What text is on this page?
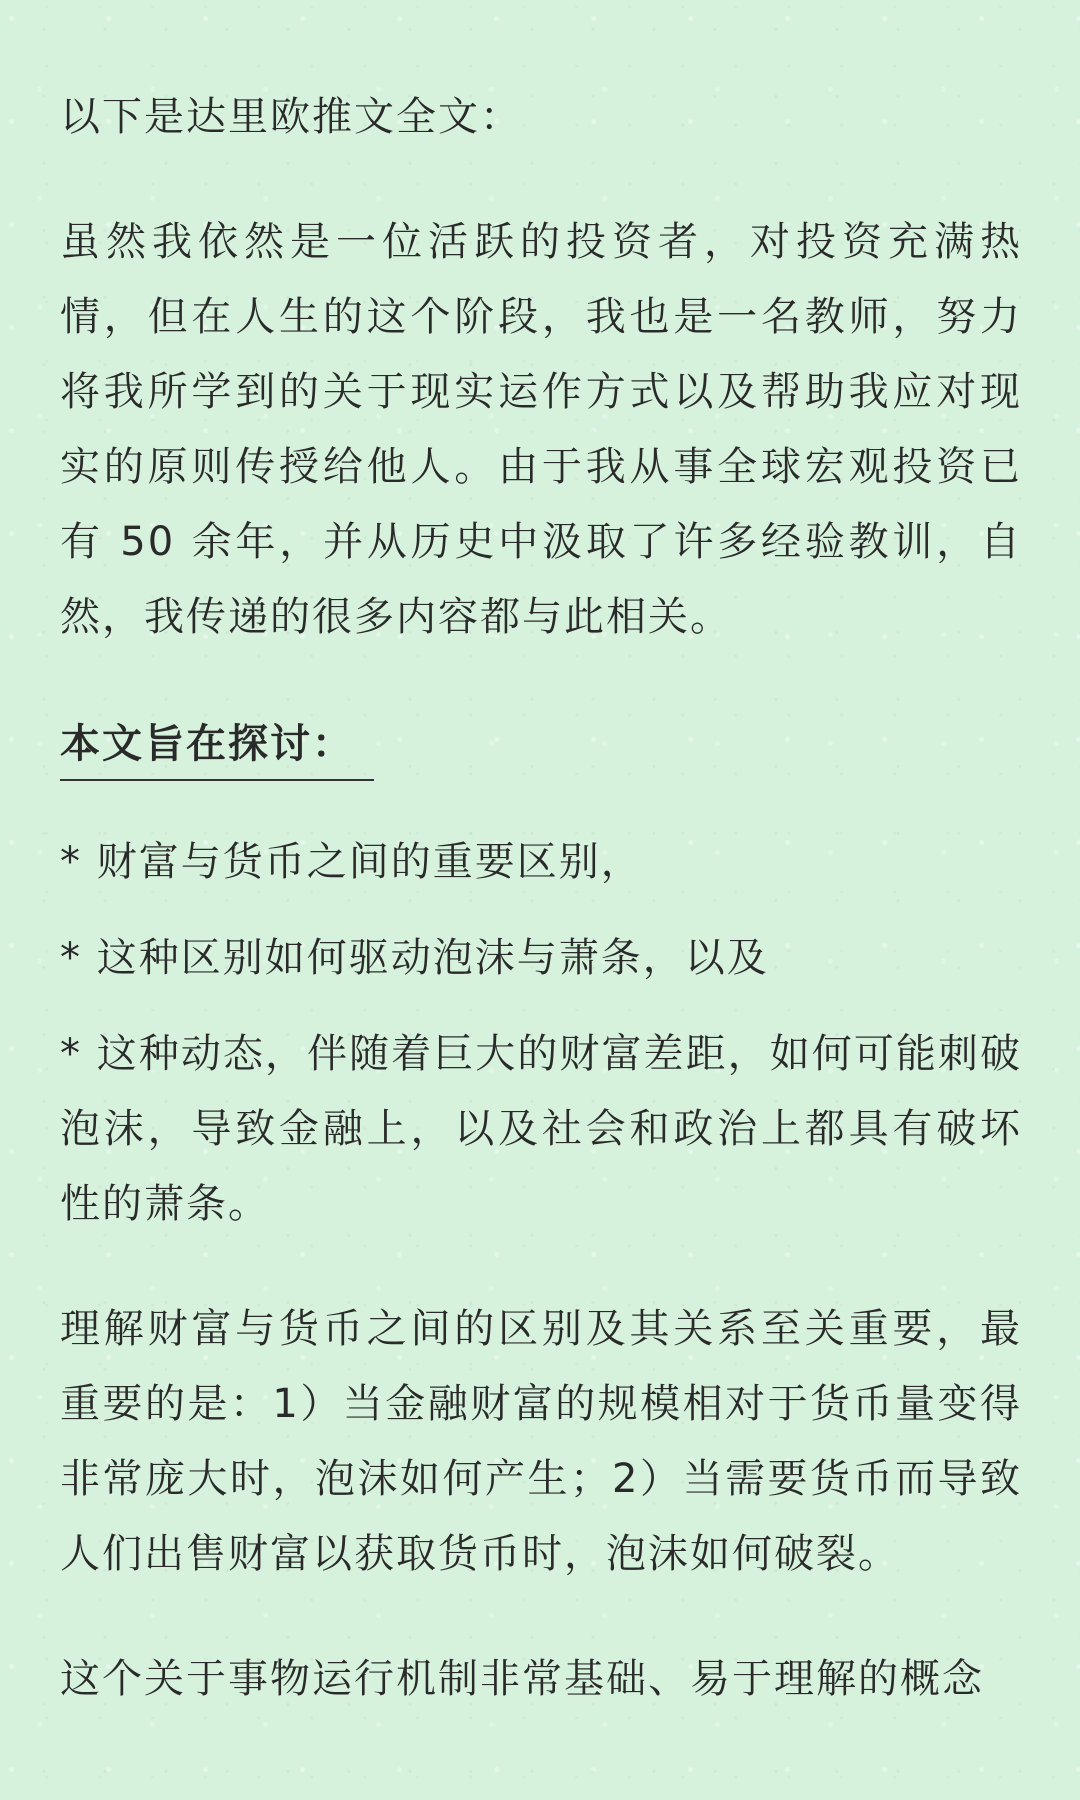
以下是达里欧推文全文：

虽然我依然是一位活跃的投资者，对投资充满热情，但在人生的这个阶段，我也是一名教师，努力将我所学到的关于现实运作方式以及帮助我应对现实的原则传授给他人。由于我从事全球宏观投资已有 50 余年，并从历史中汲取了许多经验教训，自然，我传递的很多内容都与此相关。

本文旨在探讨：
* 财富与货币之间的重要区别，
* 这种区别如何驱动泡沫与萧条，以及
* 这种动态，伴随着巨大的财富差距，如何可能刺破泡沫，导致金融上，以及社会和政治上都具有破坏性的萧条。

理解财富与货币之间的区别及其关系至关重要，最重要的是：1）当金融财富的规模相对于货币量变得非常庞大时，泡沫如何产生；2）当需要货币而导致人们出售财富以获取货币时，泡沫如何破裂。

这个关于事物运行机制非常基础、易于理解的概念
